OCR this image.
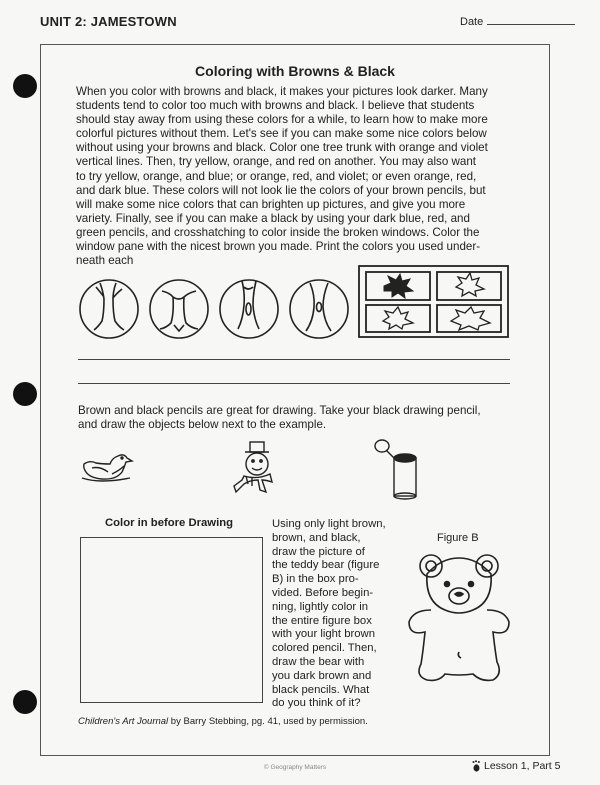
UNIT 2: JAMESTOWN	Date
Coloring with Browns & Black

When you color with browns and black, it makes your pictures look darker. Many
students tend to color too much with browns and black. I believe that students
should stay away from using these colors for a while, to learn how to make more
colorful pictures without them. Let's see if you can make some nice colors below
without using your browns and black. Color one tree trunk with orange and violet
vertical lines. Then, try yellow, orange, and red on another. You may also want
to try yellow, orange, and blue; or orange, red, and violet; or even orange, red,
and dark blue. These colors will not look lie the colors of your brown pencils, but
will make some nice colors that can brighten up pictures, and give you more
variety. Finally, see if you can make a black by using your dark blue, red, and
green pencils, and crosshatching to color inside the broken windows. Color the
window pane with the nicest brown you made. Print the colors you used under-
neath each

Brown and black pencils are great for drawing. Take your black drawing pencil,
and draw the objects below next to the example.

Color in before Drawing	Using only light brown,
brown, and black,
draw the picture of
the teddy bear (figure
B) in the box pro-
vided. Before begin-
ning, lightly color in
the entire figure box
with your light brown
colored pencil. Then,
draw the bear with
you dark brown and
black pencils. What
do you think of it?

Figure B
Children's Art Journal by Barry Stebbing, pg. 41, used by permission.
© Geography Matters	Lesson 1, Part 5
